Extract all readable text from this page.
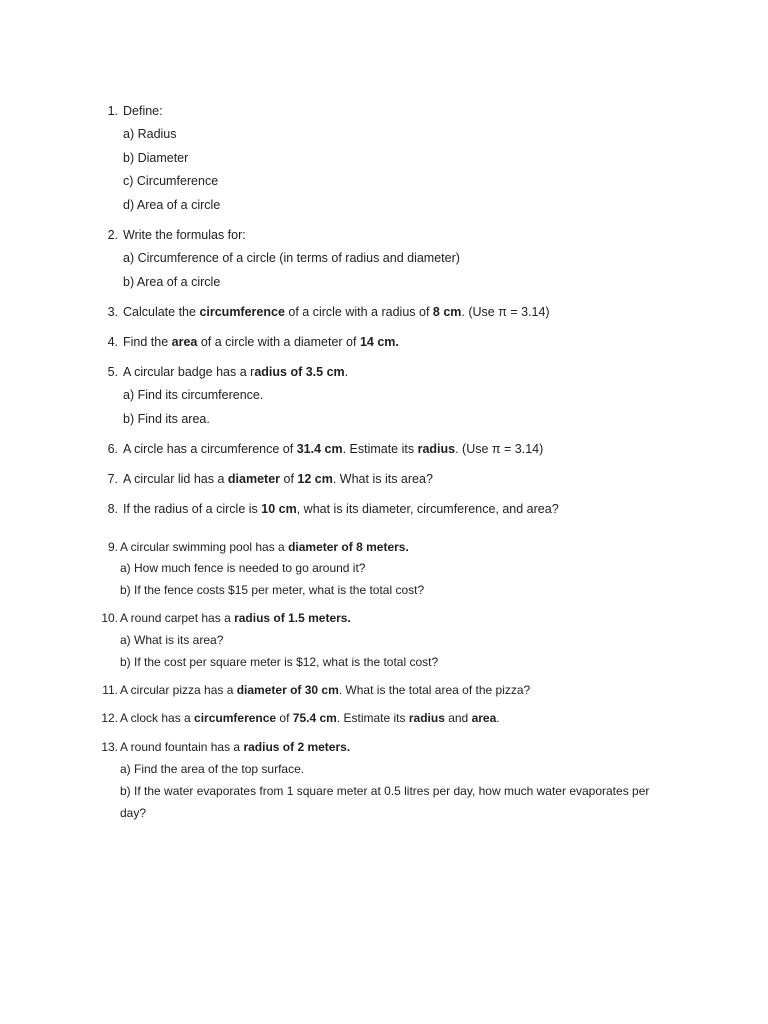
1. Define:
a) Radius
b) Diameter
c) Circumference
d) Area of a circle
2. Write the formulas for:
a) Circumference of a circle (in terms of radius and diameter)
b) Area of a circle
3. Calculate the circumference of a circle with a radius of 8 cm. (Use π = 3.14)
4. Find the area of a circle with a diameter of 14 cm.
5. A circular badge has a radius of 3.5 cm.
a) Find its circumference.
b) Find its area.
6. A circle has a circumference of 31.4 cm. Estimate its radius. (Use π = 3.14)
7. A circular lid has a diameter of 12 cm. What is its area?
8. If the radius of a circle is 10 cm, what is its diameter, circumference, and area?
9. A circular swimming pool has a diameter of 8 meters.
a) How much fence is needed to go around it?
b) If the fence costs $15 per meter, what is the total cost?
10. A round carpet has a radius of 1.5 meters.
a) What is its area?
b) If the cost per square meter is $12, what is the total cost?
11. A circular pizza has a diameter of 30 cm. What is the total area of the pizza?
12. A clock has a circumference of 75.4 cm. Estimate its radius and area.
13. A round fountain has a radius of 2 meters.
a) Find the area of the top surface.
b) If the water evaporates from 1 square meter at 0.5 litres per day, how much water evaporates per
day?
